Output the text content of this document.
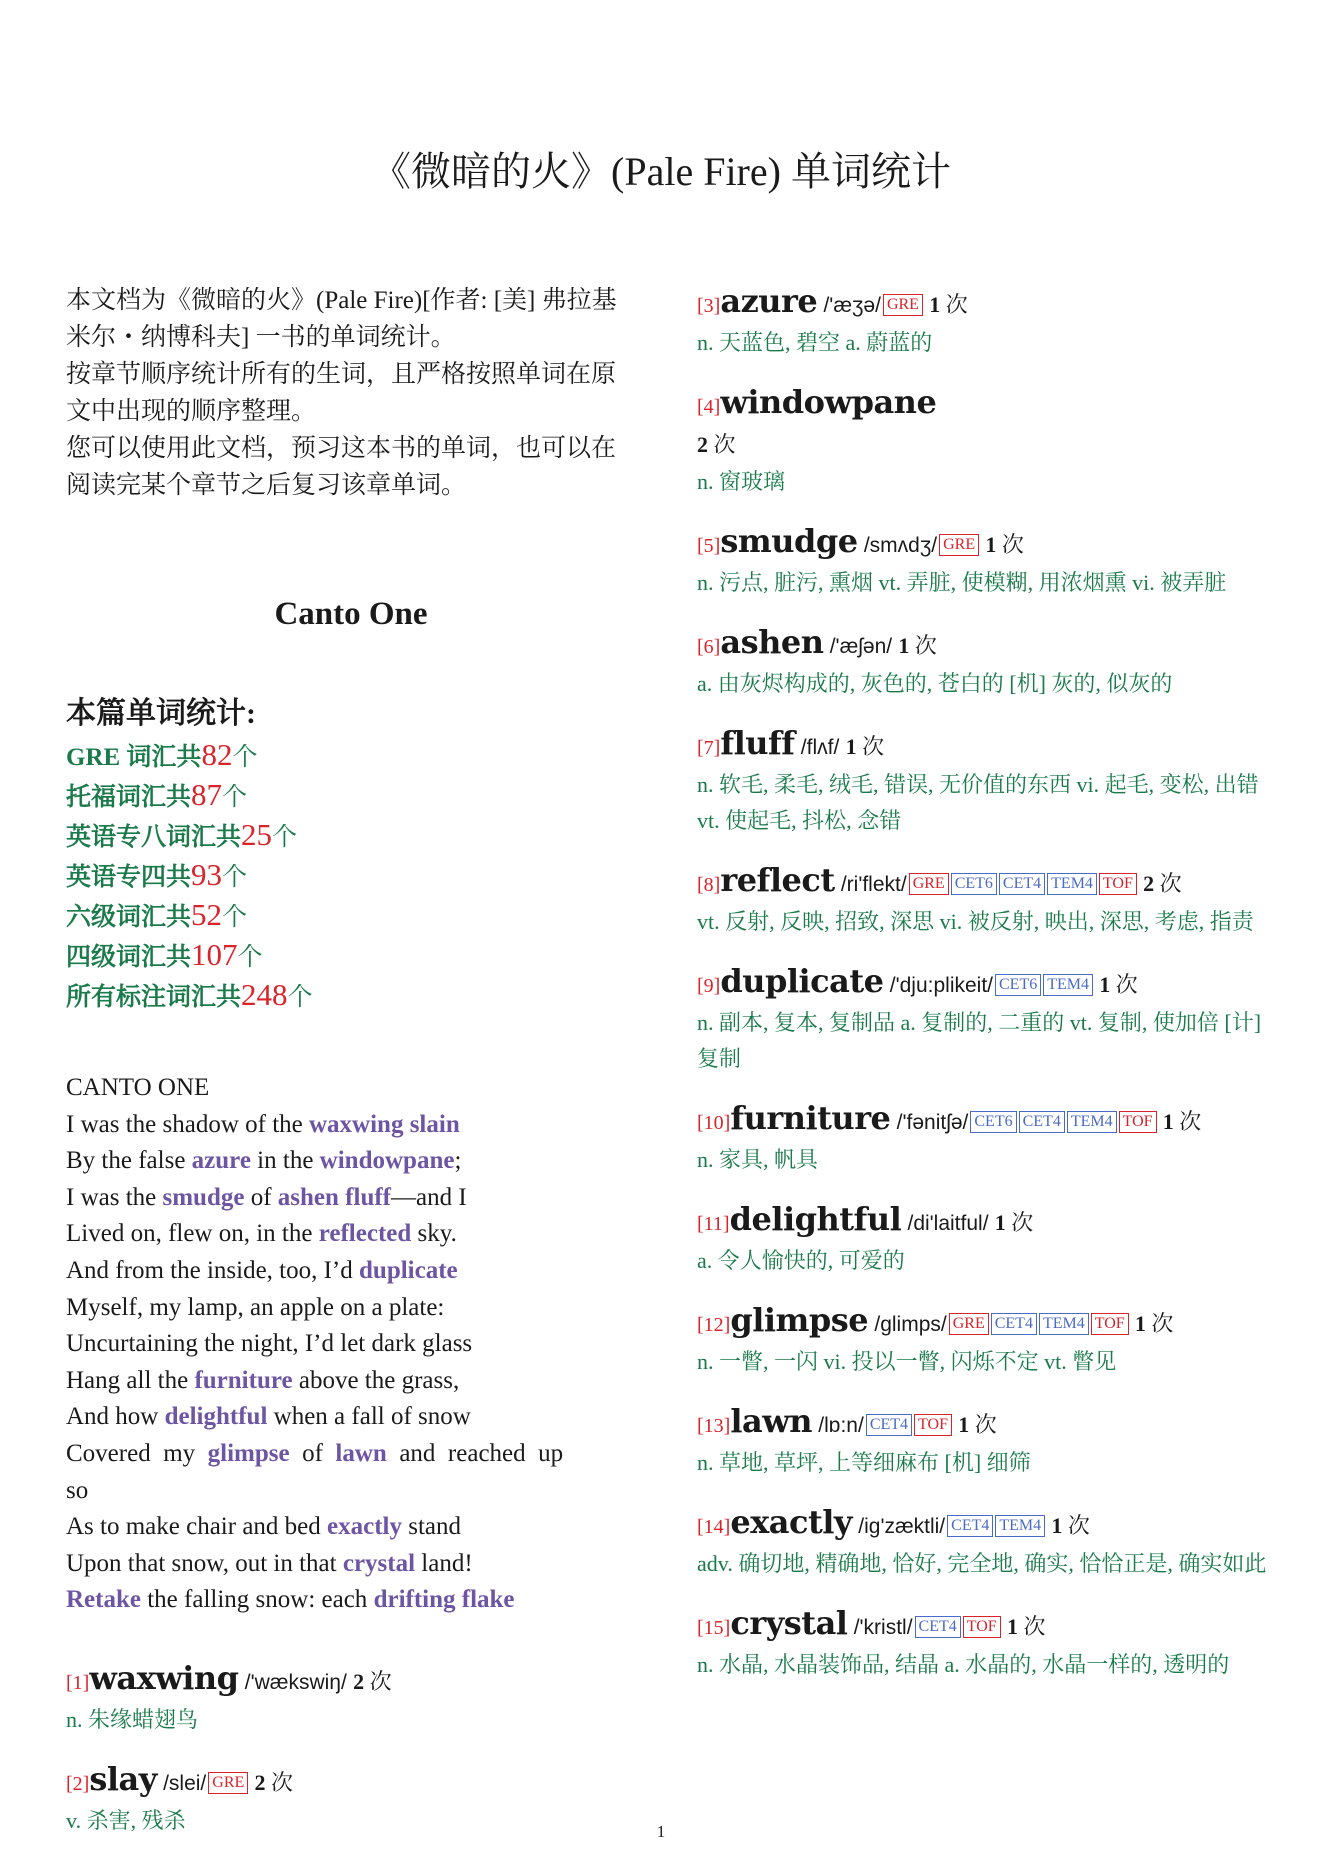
《微暗的火》(Pale Fire) 单词统计

本文档为《微暗的火》(Pale Fire)[作者: [美] 弗拉基米尔・纳博科夫] 一书的单词统计。

按章节顺序统计所有的生词，且严格按照单词在原文中出现的顺序整理。

您可以使用此文档，预习这本书的单词，也可以在阅读完某个章节之后复习该章单词。

Canto One
本篇单词统计:
GRE 词汇共82个
托福词汇共87个
英语专八词汇共25个
英语专四共93个
六级词汇共52个
四级词汇共107个
所有标注词汇共248个
CANTO ONE
I was the shadow of the waxwing slain
By the false azure in the windowpane;
I was the smudge of ashen fluff—and I
Lived on, flew on, in the reflected sky.
And from the inside, too, I’d duplicate
Myself, my lamp, an apple on a plate:
Uncurtaining the night, I’d let dark glass
Hang all the furniture above the grass,
And how delightful when a fall of snow
Covered  my  glimpse  of  lawn  and  reached  up
so
As to make chair and bed exactly stand
Upon that snow, out in that crystal land!
Retake the falling snow: each drifting flake
[1]waxwing /'wækswiŋ/ 2 次
n. 朱缘蜡翅鸟
[2]slay /slei/ GRE 2 次
v. 杀害, 残杀
[3]azure /'æʒə/ GRE 1 次
n. 天蓝色, 碧空 a. 蔚蓝的
[4]windowpane
2 次
n. 窗玻璃
[5]smudge /smʌdʒ/ GRE 1 次
n. 污点, 脏污, 熏烟 vt. 弄脏, 使模糊, 用浓烟熏 vi. 被弄脏
[6]ashen /'æʃən/ 1 次
a. 由灰烬构成的, 灰色的, 苍白的 [机] 灰的, 似灰的
[7]fluff /flʌf/ 1 次
n. 软毛, 柔毛, 绒毛, 错误, 无价值的东西 vi. 起毛, 变松, 出错 vt. 使起毛, 抖松, 念错
[8]reflect /ri'flekt/ GRE CET6 CET4 TEM4 TOF 2 次
vt. 反射, 反映, 招致, 深思 vi. 被反射, 映出, 深思, 考虑, 指责
[9]duplicate /'dju:plikeit/ CET6 TEM4 1 次
n. 副本, 复本, 复制品 a. 复制的, 二重的 vt. 复制, 使加倍 [计] 复制
[10]furniture /'fənitʃə/ CET6 CET4 TEM4 TOF 1 次
n. 家具, 帆具
[11]delightful /di'laitful/ 1 次
a. 令人愉快的, 可爱的
[12]glimpse /glimps/ GRE CET4 TEM4 TOF 1 次
n. 一瞥, 一闪 vi. 投以一瞥, 闪烁不定 vt. 瞥见
[13]lawn /lɒ:n/ CET4 TOF 1 次
n. 草地, 草坪, 上等细麻布 [机] 细筛
[14]exactly /ig'zæktli/ CET4 TEM4 1 次
adv. 确切地, 精确地, 恰好, 完全地, 确实, 恰恰正是, 确实如此
[15]crystal /'kristl/ CET4 TOF 1 次
n. 水晶, 水晶装饰品, 结晶 a. 水晶的, 水晶一样的, 透明的
1
